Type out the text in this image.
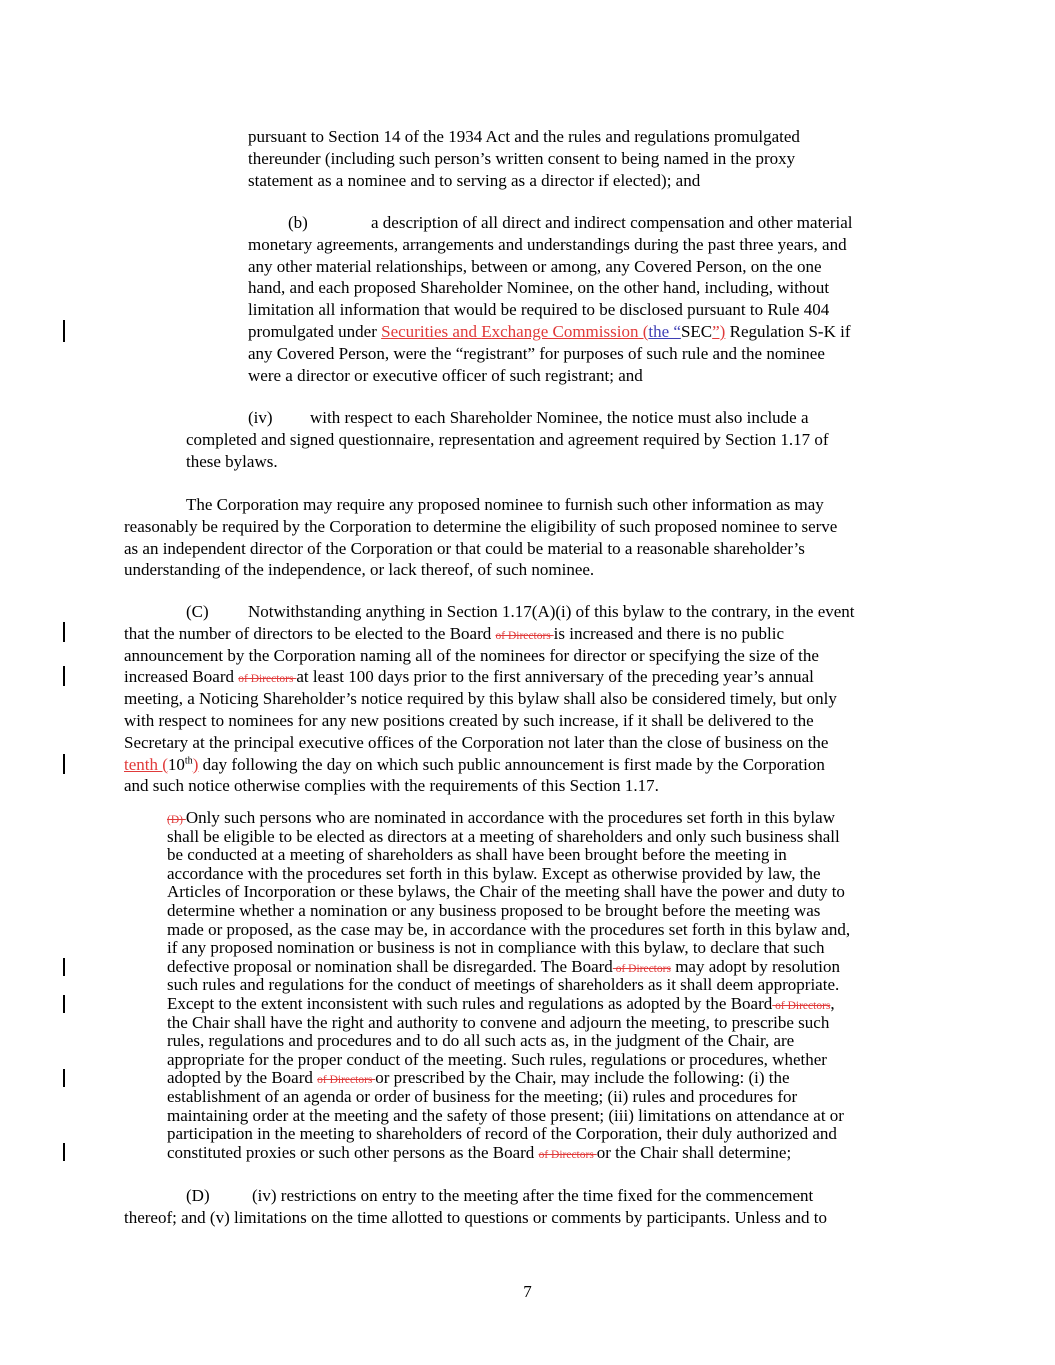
pursuant to Section 14 of the 1934 Act and the rules and regulations promulgated
thereunder (including such person’s written consent to being named in the proxy
statement as a nominee and to serving as a director if elected); and
(b)	a description of all direct and indirect compensation and other material
monetary agreements, arrangements and understandings during the past three years, and
any other material relationships, between or among, any Covered Person, on the one
hand, and each proposed Shareholder Nominee, on the other hand, including, without
limitation all information that would be required to be disclosed pursuant to Rule 404
promulgated under Securities and Exchange Commission (the “SEC”) Regulation S-K if
any Covered Person, were the “registrant” for purposes of such rule and the nominee
were a director or executive officer of such registrant; and
(iv) with respect to each Shareholder Nominee, the notice must also include a
completed and signed questionnaire, representation and agreement required by Section 1.17 of
these bylaws.
The Corporation may require any proposed nominee to furnish such other information as may
reasonably be required by the Corporation to determine the eligibility of such proposed nominee to serve
as an independent director of the Corporation or that could be material to a reasonable shareholder’s
understanding of the independence, or lack thereof, of such nominee.
(C) Notwithstanding anything in Section 1.17(A)(i) of this bylaw to the contrary, in the event
that the number of directors to be elected to the Board of Directors is increased and there is no public
announcement by the Corporation naming all of the nominees for director or specifying the size of the
increased Board of Directors at least 100 days prior to the first anniversary of the preceding year’s annual
meeting, a Noticing Shareholder’s notice required by this bylaw shall also be considered timely, but only
with respect to nominees for any new positions created by such increase, if it shall be delivered to the
Secretary at the principal executive offices of the Corporation not later than the close of business on the
tenth (10th) day following the day on which such public announcement is first made by the Corporation
and such notice otherwise complies with the requirements of this Section 1.17.
(D) Only such persons who are nominated in accordance with the procedures set forth in this bylaw
shall be eligible to be elected as directors at a meeting of shareholders and only such business shall
be conducted at a meeting of shareholders as shall have been brought before the meeting in
accordance with the procedures set forth in this bylaw. Except as otherwise provided by law, the
Articles of Incorporation or these bylaws, the Chair of the meeting shall have the power and duty to
determine whether a nomination or any business proposed to be brought before the meeting was
made or proposed, as the case may be, in accordance with the procedures set forth in this bylaw and,
if any proposed nomination or business is not in compliance with this bylaw, to declare that such
defective proposal or nomination shall be disregarded. The Board of Directors may adopt by resolution
such rules and regulations for the conduct of meetings of shareholders as it shall deem appropriate.
Except to the extent inconsistent with such rules and regulations as adopted by the Board of Directors,
the Chair shall have the right and authority to convene and adjourn the meeting, to prescribe such
rules, regulations and procedures and to do all such acts as, in the judgment of the Chair, are
appropriate for the proper conduct of the meeting. Such rules, regulations or procedures, whether
adopted by the Board of Directors or prescribed by the Chair, may include the following: (i) the
establishment of an agenda or order of business for the meeting; (ii) rules and procedures for
maintaining order at the meeting and the safety of those present; (iii) limitations on attendance at or
participation in the meeting to shareholders of record of the Corporation, their duly authorized and
constituted proxies or such other persons as the Board of Directors or the Chair shall determine;
(D) (iv) restrictions on entry to the meeting after the time fixed for the commencement
thereof; and (v) limitations on the time allotted to questions or comments by participants. Unless and to
7
